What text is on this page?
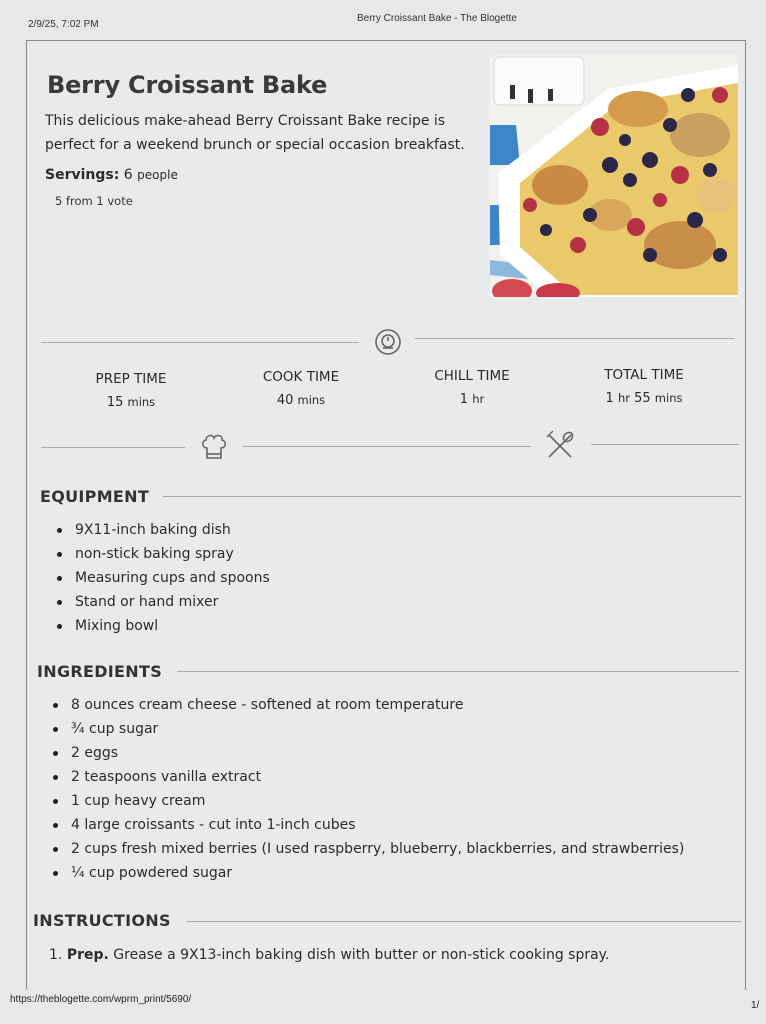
2/9/25, 7:02 PM
Berry Croissant Bake - The Blogette
Berry Croissant Bake
This delicious make-ahead Berry Croissant Bake recipe is perfect for a weekend brunch or special occasion breakfast.
Servings: 6 people
5 from 1 vote
PREP TIME
15 mins
COOK TIME
40 mins
CHILL TIME
1 hr
TOTAL TIME
1 hr 55 mins
EQUIPMENT
9X11-inch baking dish
non-stick baking spray
Measuring cups and spoons
Stand or hand mixer
Mixing bowl
INGREDIENTS
8 ounces cream cheese - softened at room temperature
¾ cup sugar
2 eggs
2 teaspoons vanilla extract
1 cup heavy cream
4 large croissants - cut into 1-inch cubes
2 cups fresh mixed berries (I used raspberry, blueberry, blackberries, and strawberries)
¼ cup powdered sugar
INSTRUCTIONS
1. Prep. Grease a 9X13-inch baking dish with butter or non-stick cooking spray.
https://theblogette.com/wprm_print/5690/
1/
